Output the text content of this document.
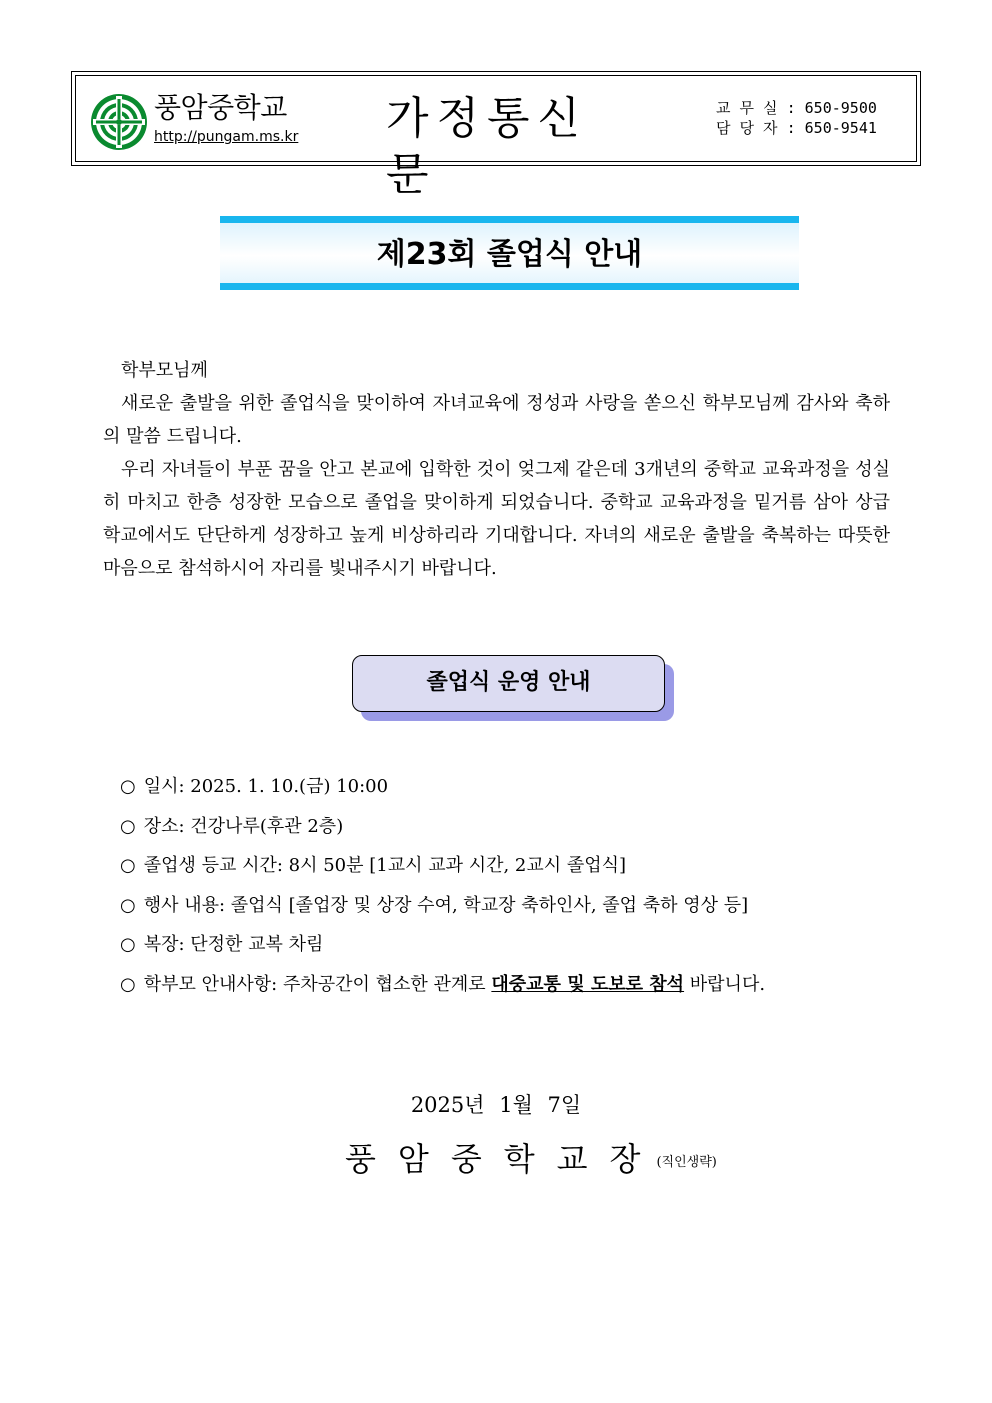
풍암중학교
http://pungam.ms.kr 가정통신문
교 무 실 : 650-9500
담 당 자 : 650-9541
제23회 졸업식 안내
학부모님께
새로운 출발을 위한 졸업식을 맞이하여 자녀교육에 정성과 사랑을 쏟으신 학부모님께 감사와 축하의 말씀 드립니다.
우리 자녀들이 부푼 꿈을 안고 본교에 입학한 것이 엊그제 같은데 3개년의 중학교 교육과정을 성실히 마치고 한층 성장한 모습으로 졸업을 맞이하게 되었습니다. 중학교 교육과정을 밑거름 삼아 상급학교에서도 단단하게 성장하고 높게 비상하리라 기대합니다. 자녀의 새로운 출발을 축복하는 따뜻한 마음으로 참석하시어 자리를 빛내주시기 바랍니다.
졸업식 운영 안내
○ 일시: 2025. 1. 10.(금) 10:00
○ 장소: 건강나루(후관 2층)
○ 졸업생 등교 시간: 8시 50분 [1교시 교과 시간, 2교시 졸업식]
○ 행사 내용: 졸업식 [졸업장 및 상장 수여, 학교장 축하인사, 졸업 축하 영상 등]
○ 복장: 단정한 교복 차림
○ 학부모 안내사항: 주차공간이 협소한 관계로 대중교통 및 도보로 참석 바랍니다.
2025년 1월 7일
풍암중학교장(직인생략)
